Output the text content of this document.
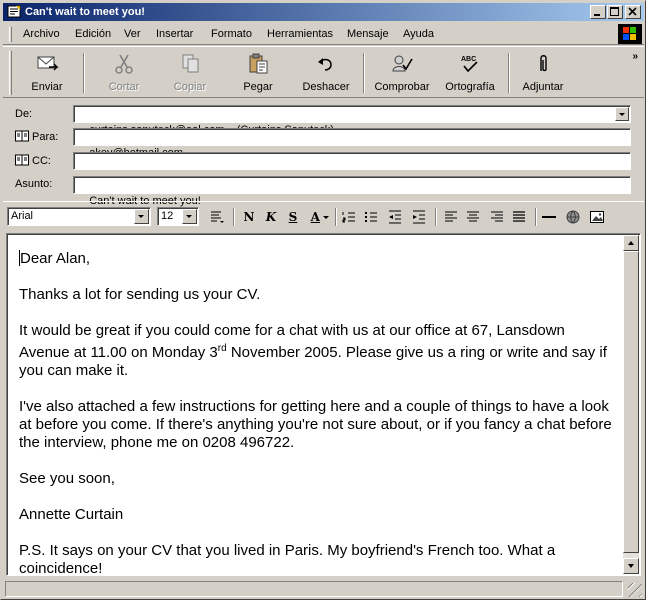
Can't wait to meet you!
Archivo Edición Ver Insertar Formato Herramientas Mensaje Ayuda
Enviar	Cortar	Copiar	Pegar	Deshacer	Comprobar
ABC
Ortografía	Adjuntar
»
De:

Para:

CC:

Asunto:

Can't wait to meet you!

Arial	12	N K	S	A

Dear Alan,

Thanks a lot for sending us your CV.

It would be great if you could come for a chat with us at our office at 67, Lansdown Avenue at 11.00 on Monday 3rd November 2005. Please give us a ring or write and say if you can make it.

I've also attached a few instructions for getting here and a couple of things to have a look at before you come. If there's anything you're not sure about, or if you fancy a chat before the interview, phone me on 0208 496722.

See you soon,

Annette Curtain

P.S. It says on your CV that you lived in Paris. My boyfriend's French too. What a coincidence!
